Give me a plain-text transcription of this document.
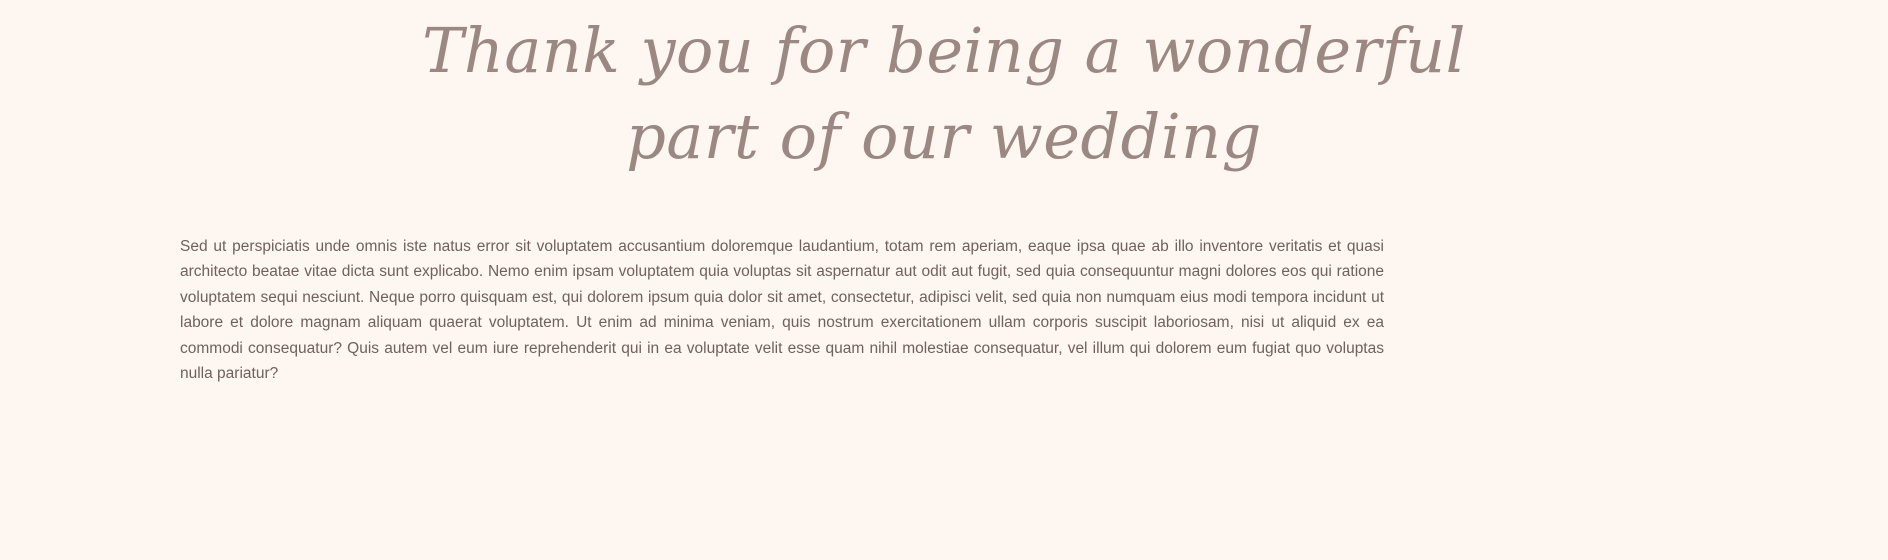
Thank you for being a wonderful
part of our wedding

Sed ut perspiciatis unde omnis iste natus error sit voluptatem accusantium doloremque laudantium, totam rem aperiam, eaque ipsa quae ab illo inventore veritatis et quasi architecto beatae vitae dicta sunt explicabo. Nemo enim ipsam voluptatem quia voluptas sit aspernatur aut odit aut fugit, sed quia consequuntur magni dolores eos qui ratione voluptatem sequi nesciunt. Neque porro quisquam est, qui dolorem ipsum quia dolor sit amet, consectetur, adipisci velit, sed quia non numquam eius modi tempora incidunt ut labore et dolore magnam aliquam quaerat voluptatem. Ut enim ad minima veniam, quis nostrum exercitationem ullam corporis suscipit laboriosam, nisi ut aliquid ex ea commodi consequatur? Quis autem vel eum iure reprehenderit qui in ea voluptate velit esse quam nihil molestiae consequatur, vel illum qui dolorem eum fugiat quo voluptas nulla pariatur?
